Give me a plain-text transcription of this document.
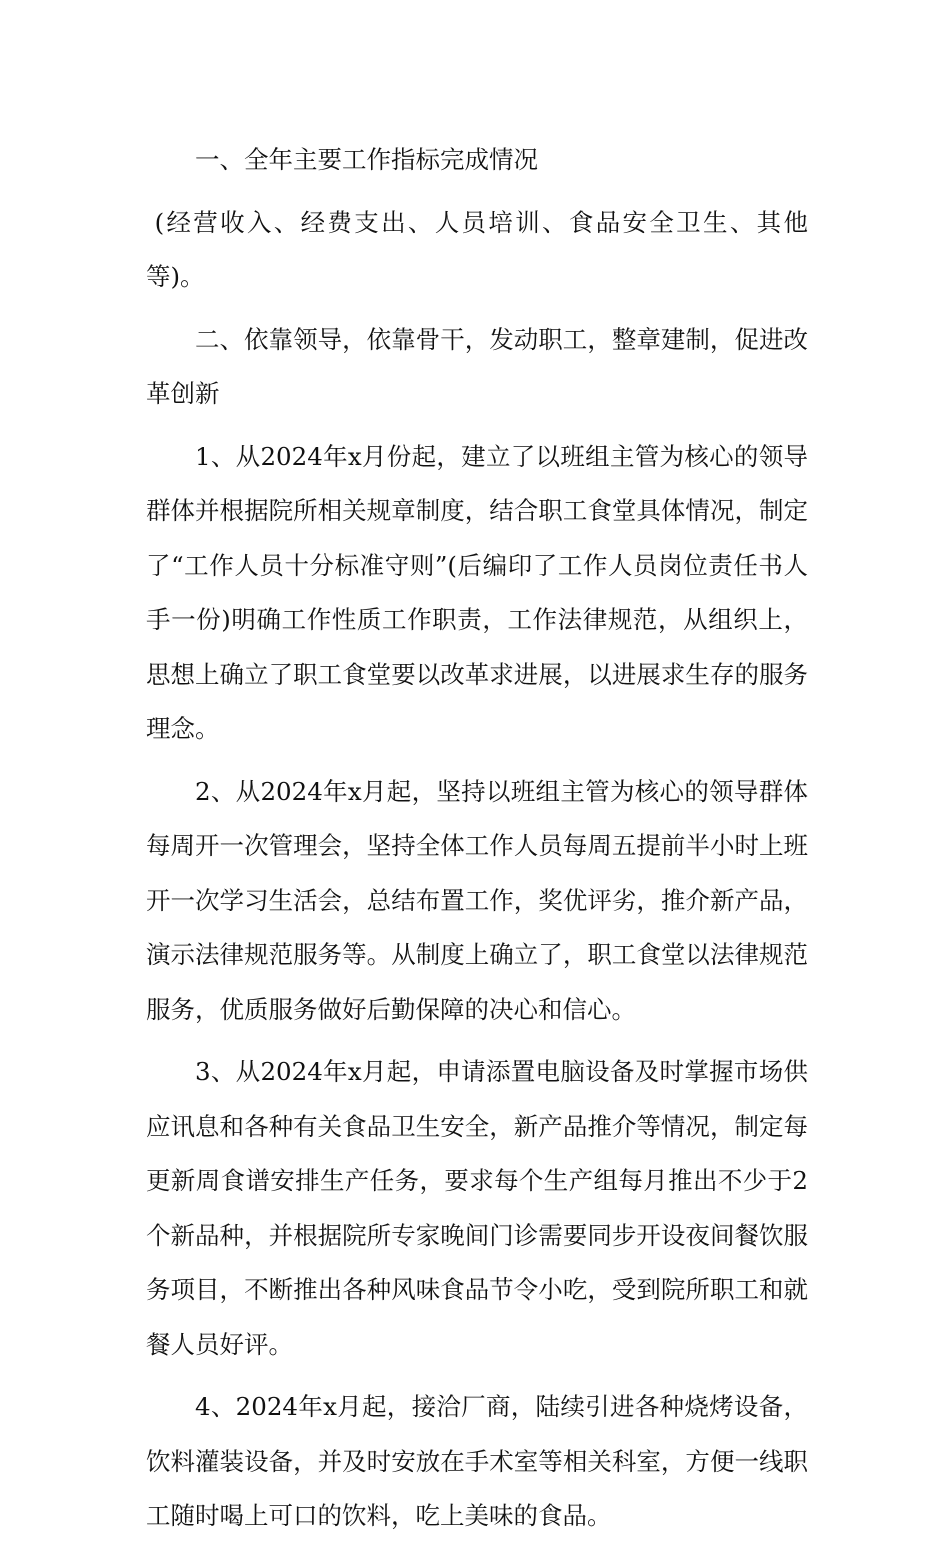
一、全年主要工作指标完成情况

(经营收入、经费支出、人员培训、食品安全卫生、其他等)。

二、依靠领导，依靠骨干，发动职工，整章建制，促进改革创新

1、从2024年x月份起，建立了以班组主管为核心的领导群体并根据院所相关规章制度，结合职工食堂具体情况，制定了“工作人员十分标准守则”(后编印了工作人员岗位责任书人手一份)明确工作性质工作职责，工作法律规范，从组织上，思想上确立了职工食堂要以改革求进展，以进展求生存的服务理念。

2、从2024年x月起，坚持以班组主管为核心的领导群体每周开一次管理会，坚持全体工作人员每周五提前半小时上班开一次学习生活会，总结布置工作，奖优评劣，推介新产品，演示法律规范服务等。从制度上确立了，职工食堂以法律规范服务，优质服务做好后勤保障的决心和信心。

3、从2024年x月起，申请添置电脑设备及时掌握市场供应讯息和各种有关食品卫生安全，新产品推介等情况，制定每更新周食谱安排生产任务，要求每个生产组每月推出不少于2个新品种，并根据院所专家晚间门诊需要同步开设夜间餐饮服务项目，不断推出各种风味食品节令小吃，受到院所职工和就餐人员好评。

4、2024年x月起，接洽厂商，陆续引进各种烧烤设备，饮料灌装设备，并及时安放在手术室等相关科室，方便一线职工随时喝上可口的饮料，吃上美味的食品。
